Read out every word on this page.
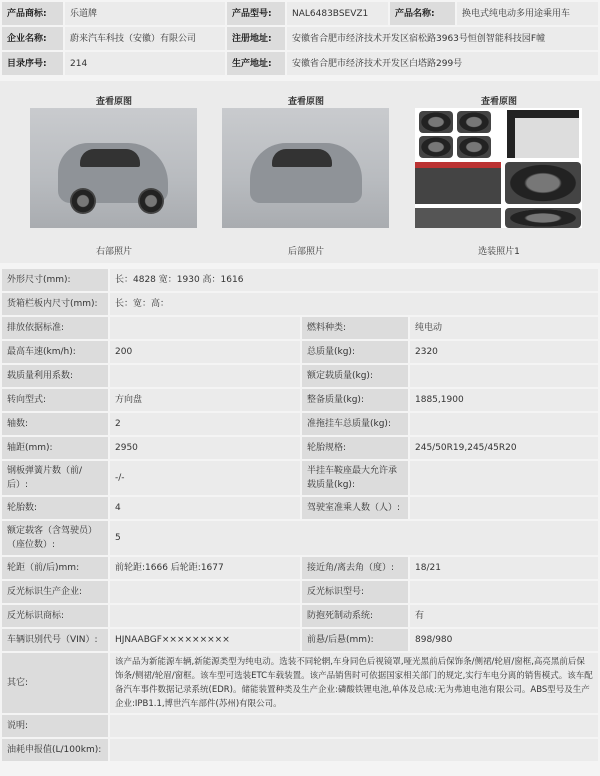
产品商标:	乐道牌	产品型号:	NAL6483BSEVZ1	产品名称:	换电式纯电动多用途乘用车
企业名称:	蔚来汽车科技（安徽）有限公司	注册地址:	安徽省合肥市经济技术开发区宿松路3963号恒创智能科技园F幢		
目录序号:	214	生产地址:	安徽省合肥市经济技术开发区白塔路299号		
查看原图
右部照片
查看原图
后部照片
查看原图
选装照片1
外形尺寸(mm):	长：4828 宽：1930 高：1616		
货箱栏板内尺寸(mm):	长：宽：高：		
排放依据标准:		燃料种类:	纯电动
最高车速(km/h):	200	总质量(kg):	2320
载质量利用系数:		额定载质量(kg):	
转向型式:	方向盘	整备质量(kg):	1885,1900
轴数:	2	准拖挂车总质量(kg):	
轴距(mm):	2950	轮胎规格:	245/50R19,245/45R20
钢板弹簧片数（前/后）:	-/-	半挂车鞍座最大允许承载质量(kg):	
轮胎数:	4	驾驶室准乘人数（人）:	
额定载客（含驾驶员）（座位数）:	5		
轮距（前/后)mm:	前轮距:1666 后轮距:1677	接近角/离去角（度）:	18/21
反光标识生产企业:		反光标识型号:	
反光标识商标:		防抱死制动系统:	有
车辆识别代号（VIN）:	HJNAABGF×××××××××	前悬/后悬(mm):	898/980
其它:	该产品为新能源车辆,新能源类型为纯电动。选装不同轮辋,车身同色后视镜罩,哑光黑前后保饰条/侧裙/轮眉/窗框,高亮黑前后保饰条/侧裙/轮眉/窗框。该车型可选装ETC车载装置。该产品销售时可依据国家相关部门的规定,实行车电分离的销售模式。该车配备汽车事件数据记录系统(EDR)。储能装置种类及生产企业:磷酸铁锂电池,单体及总成:无为弗迪电池有限公司。ABS型号及生产企业:IPB1.1,博世汽车部件(苏州)有限公司。		
说明:			
油耗申报值(L/100km):			
